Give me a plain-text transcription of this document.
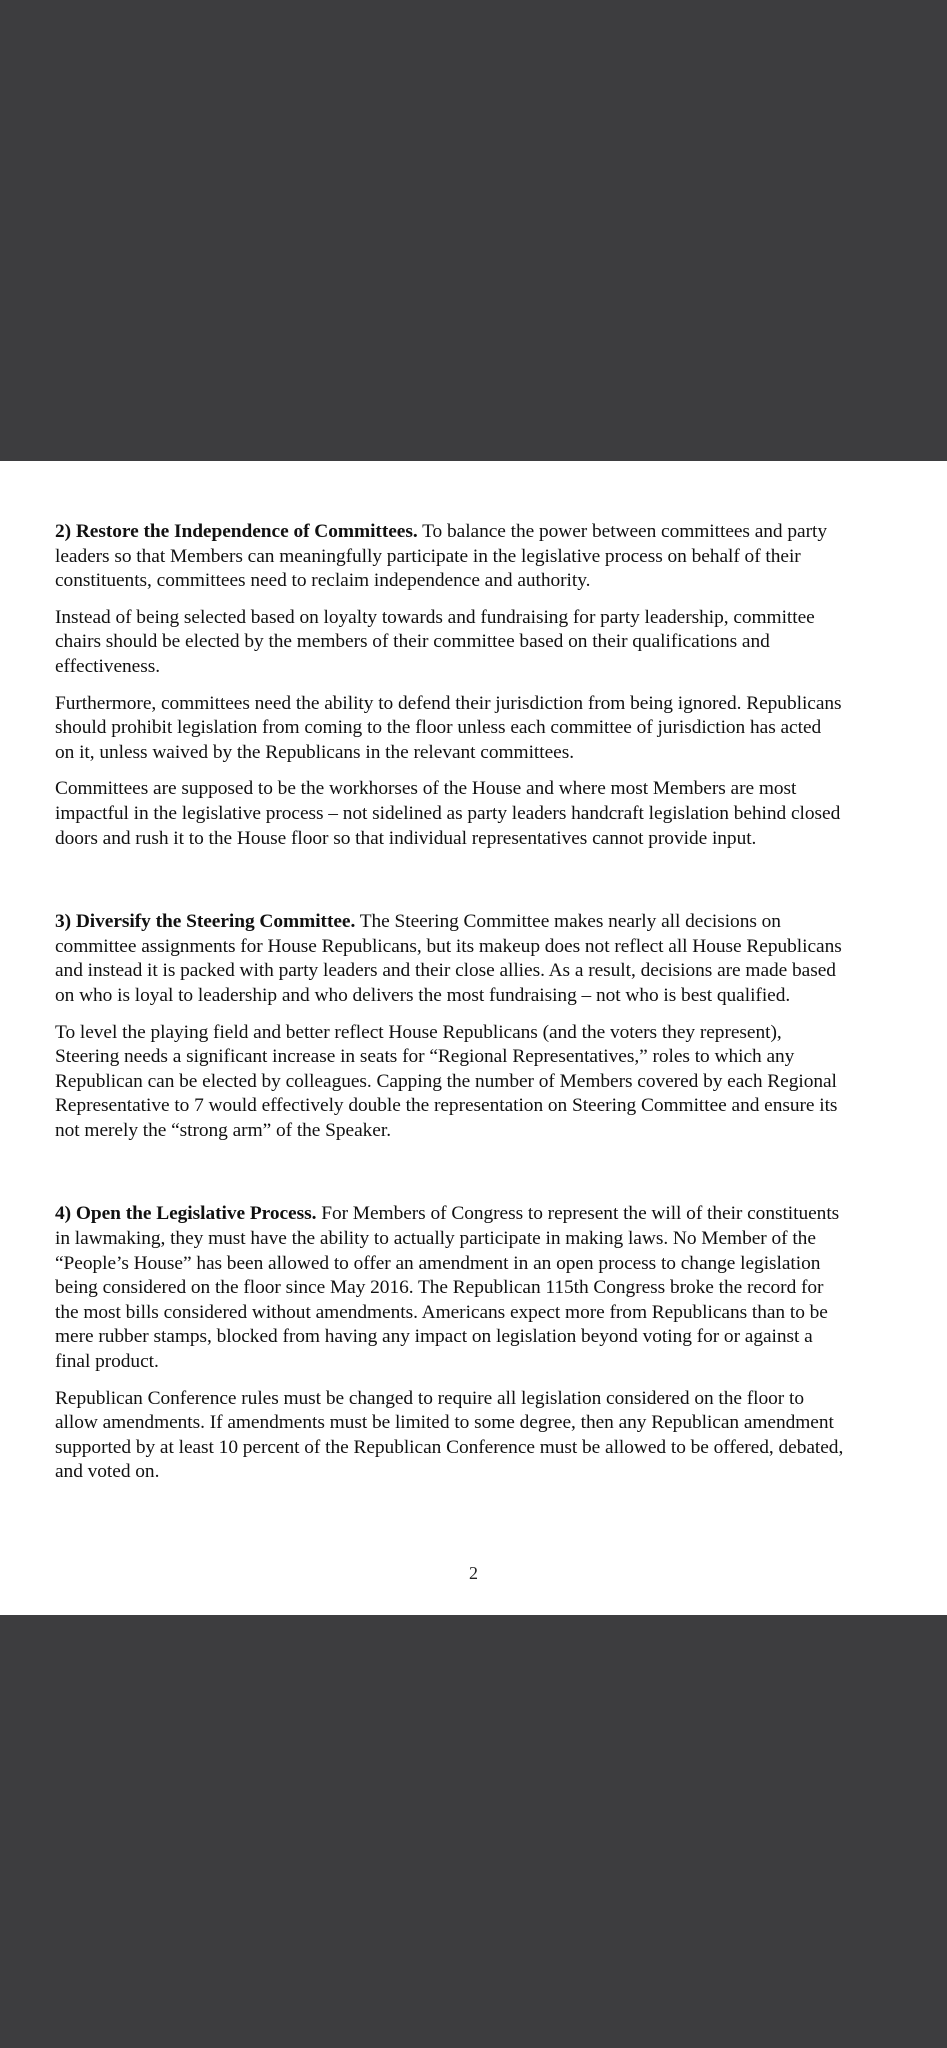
2) Restore the Independence of Committees. To balance the power between committees and party leaders so that Members can meaningfully participate in the legislative process on behalf of their constituents, committees need to reclaim independence and authority.

Instead of being selected based on loyalty towards and fundraising for party leadership, committee chairs should be elected by the members of their committee based on their qualifications and effectiveness.

Furthermore, committees need the ability to defend their jurisdiction from being ignored. Republicans should prohibit legislation from coming to the floor unless each committee of jurisdiction has acted on it, unless waived by the Republicans in the relevant committees.

Committees are supposed to be the workhorses of the House and where most Members are most impactful in the legislative process – not sidelined as party leaders handcraft legislation behind closed doors and rush it to the House floor so that individual representatives cannot provide input.

3) Diversify the Steering Committee. The Steering Committee makes nearly all decisions on committee assignments for House Republicans, but its makeup does not reflect all House Republicans and instead it is packed with party leaders and their close allies. As a result, decisions are made based on who is loyal to leadership and who delivers the most fundraising – not who is best qualified.

To level the playing field and better reflect House Republicans (and the voters they represent), Steering needs a significant increase in seats for “Regional Representatives,” roles to which any Republican can be elected by colleagues. Capping the number of Members covered by each Regional Representative to 7 would effectively double the representation on Steering Committee and ensure its not merely the “strong arm” of the Speaker.

4) Open the Legislative Process. For Members of Congress to represent the will of their constituents in lawmaking, they must have the ability to actually participate in making laws. No Member of the “People’s House” has been allowed to offer an amendment in an open process to change legislation being considered on the floor since May 2016. The Republican 115th Congress broke the record for the most bills considered without amendments. Americans expect more from Republicans than to be mere rubber stamps, blocked from having any impact on legislation beyond voting for or against a final product.

Republican Conference rules must be changed to require all legislation considered on the floor to allow amendments. If amendments must be limited to some degree, then any Republican amendment supported by at least 10 percent of the Republican Conference must be allowed to be offered, debated, and voted on.

2
